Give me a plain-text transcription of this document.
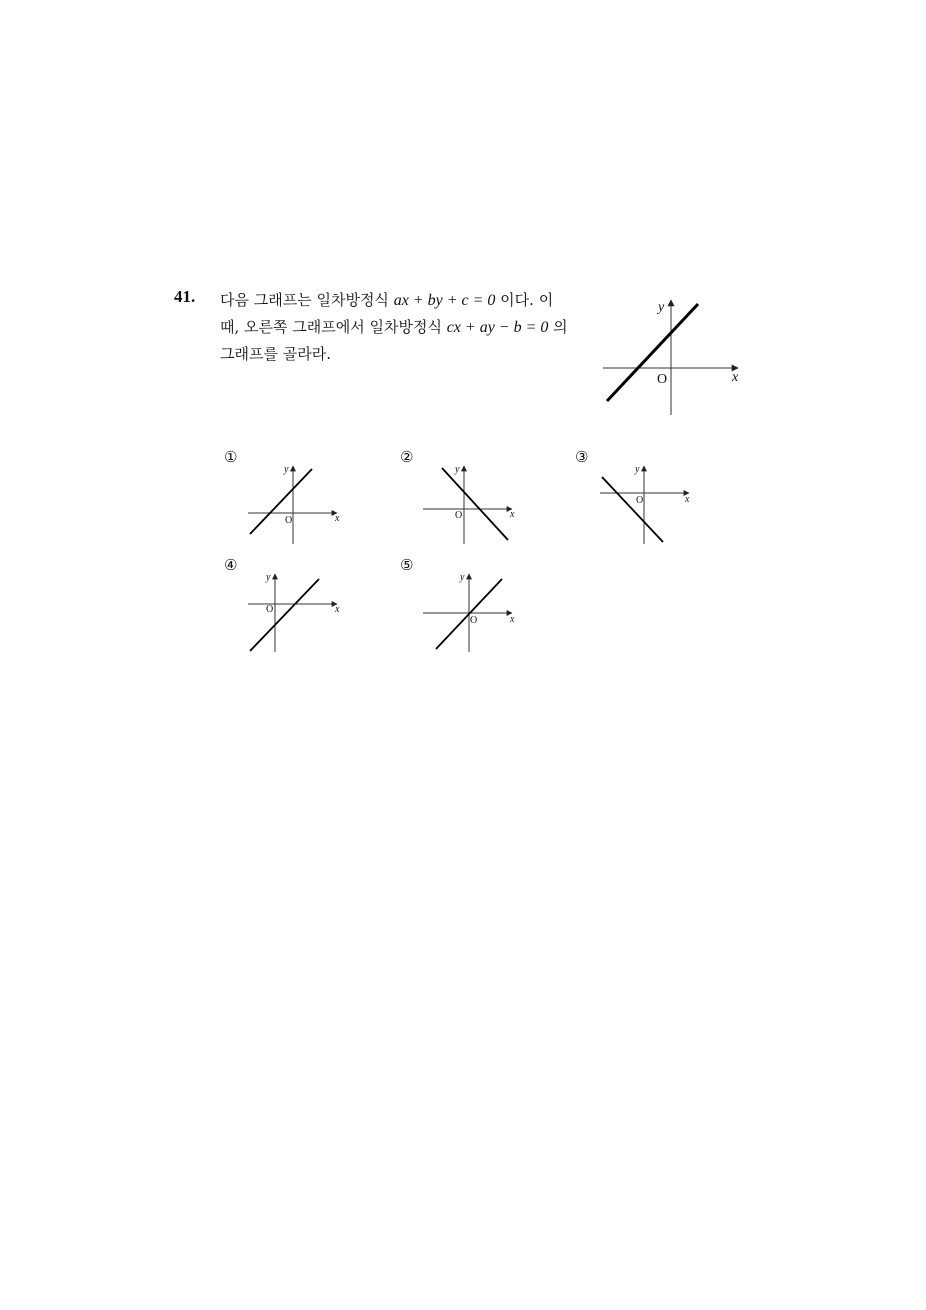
41. 다음 그래프는 일차방정식 ax + by + c = 0 이다. 이
때, 오른쪽 그래프에서 일차방정식 cx + ay − b = 0 의
그래프를 골라라.
y
x
O
①
y
x
O
②
y
x
O
③
y
x
O
④
y
x
O
⑤
y
x
O
